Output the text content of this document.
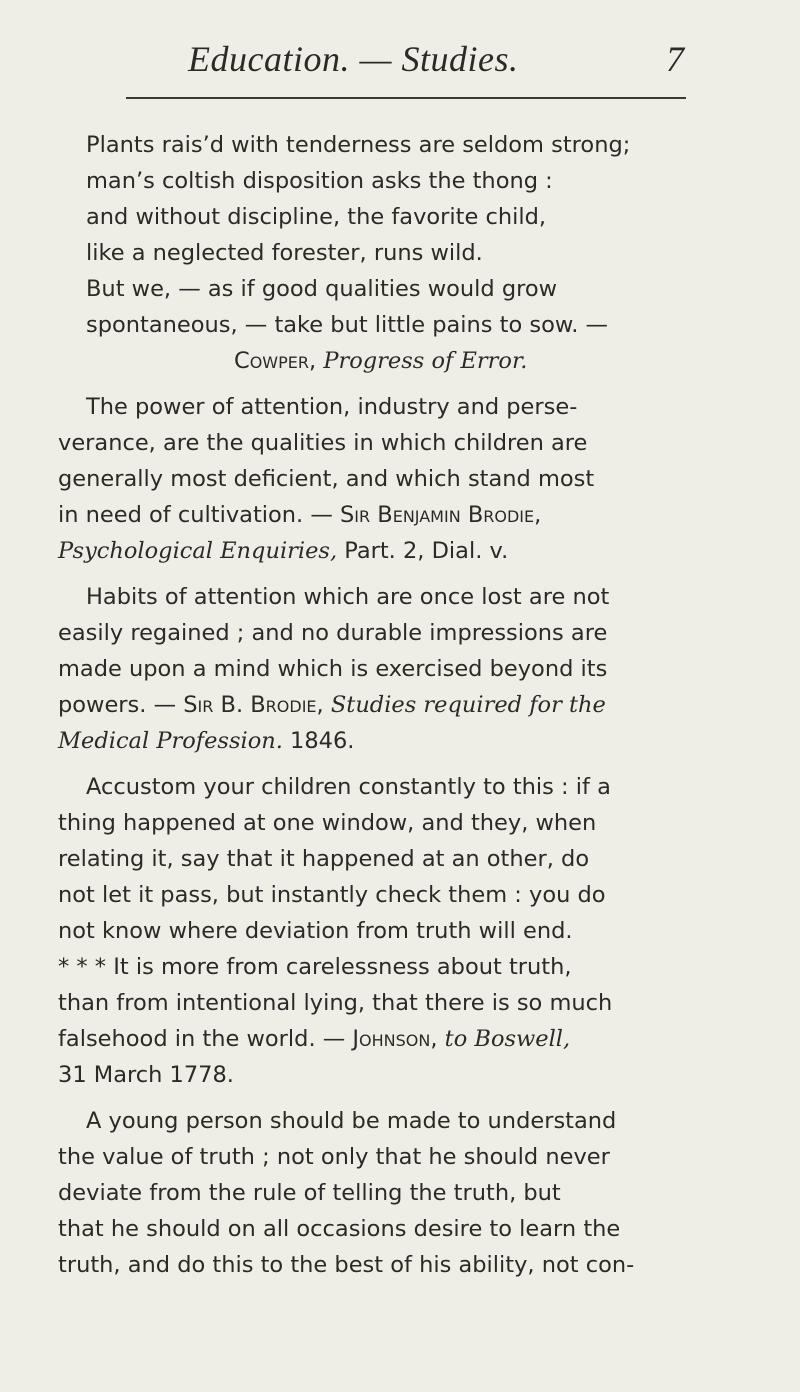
Education. — Studies.	7
Plants rais’d with tenderness are seldom strong;
man’s coltish disposition asks the thong :
and without discipline, the favorite child,
like a neglected forester, runs wild.
But we, — as if good qualities would grow
spontaneous, — take but little pains to sow. —
Cowper, Progress of Error.
The power of attention, industry and perse-
verance, are the qualities in which children are
generally most deficient, and which stand most
in need of cultivation. — Sir Benjamin Brodie,
Psychological Enquiries, Part. 2, Dial. v.
Habits of attention which are once lost are not
easily regained ; and no durable impressions are
made upon a mind which is exercised beyond its
powers. — Sir B. Brodie, Studies required for the
Medical Profession. 1846.
Accustom your children constantly to this : if a
thing happened at one window, and they, when
relating it, say that it happened at an other, do
not let it pass, but instantly check them : you do
not know where deviation from truth will end.
* * * It is more from carelessness about truth,
than from intentional lying, that there is so much
falsehood in the world. — Johnson, to Boswell,
31 March 1778.
A young person should be made to understand
the value of truth ; not only that he should never
deviate from the rule of telling the truth, but
that he should on all occasions desire to learn the
truth, and do this to the best of his ability, not con-
